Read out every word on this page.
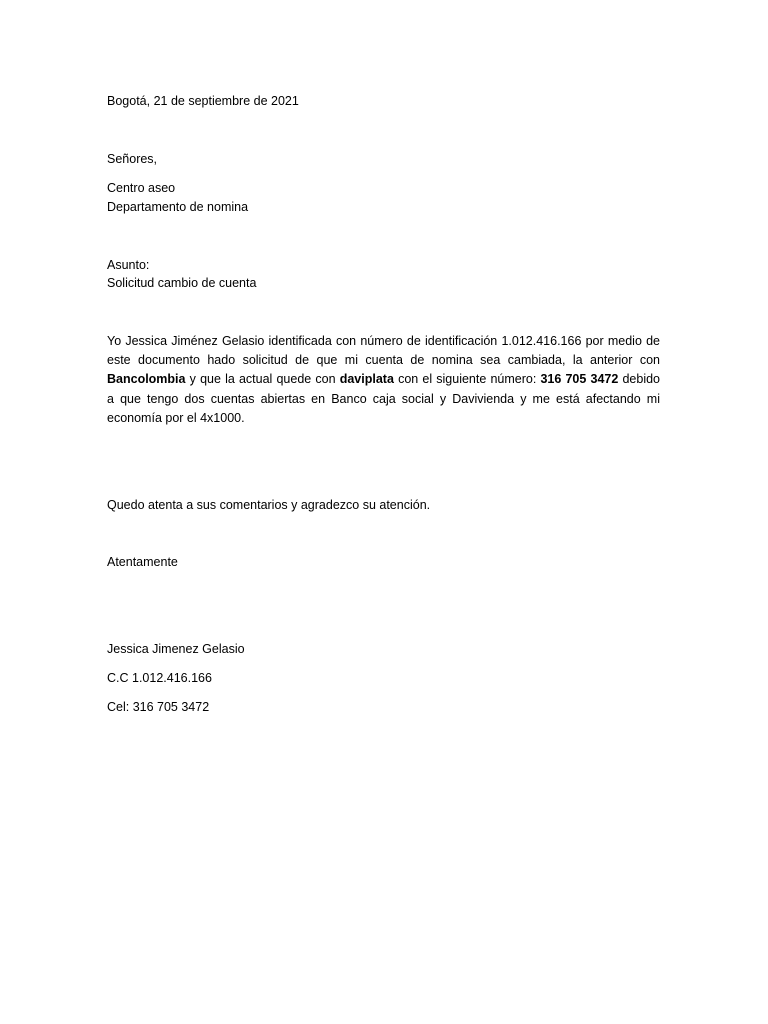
Bogotá, 21 de septiembre de 2021
Señores,
Centro aseo
Departamento de nomina
Asunto:
Solicitud cambio de cuenta
Yo Jessica Jiménez Gelasio identificada con número de identificación 1.012.416.166 por medio de este documento hado solicitud de que mi cuenta de nomina sea cambiada, la anterior con Bancolombia y que la actual quede con daviplata con el siguiente número: 316 705 3472 debido a que tengo dos cuentas abiertas en Banco caja social y Davivienda y me está afectando mi economía por el 4x1000.
Quedo atenta a sus comentarios y agradezco su atención.
Atentamente
Jessica Jimenez Gelasio
C.C 1.012.416.166
Cel: 316 705 3472
